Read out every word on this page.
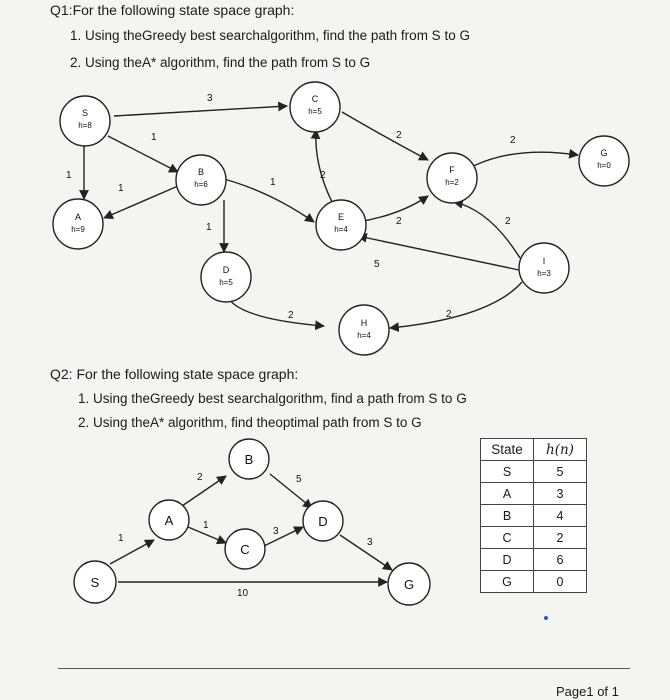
Q1:For the following state space graph:
1. Using theGreedy best searchalgorithm, find the path from S to G
2. Using theA* algorithm, find the path from S to G
3
1
1
1
1
1
2
2
2
2
2
5
2	2
S
h=8
C
h=5
G
h=0
B
h=6
F
h=2
A
h=9
E
h=4
D
h=5
I
h=3
H
h=4
Q2: For the following state space graph:
1. Using theGreedy best searchalgorithm, find a path from S to G
2. Using theA* algorithm, find theoptimal path from S to G
1
2	5
1
3
3
10
B
A	D
C
S	G
State	h(n)
S	5
A	3
B	4
C	2
D	6
G	0
Page1 of 1
